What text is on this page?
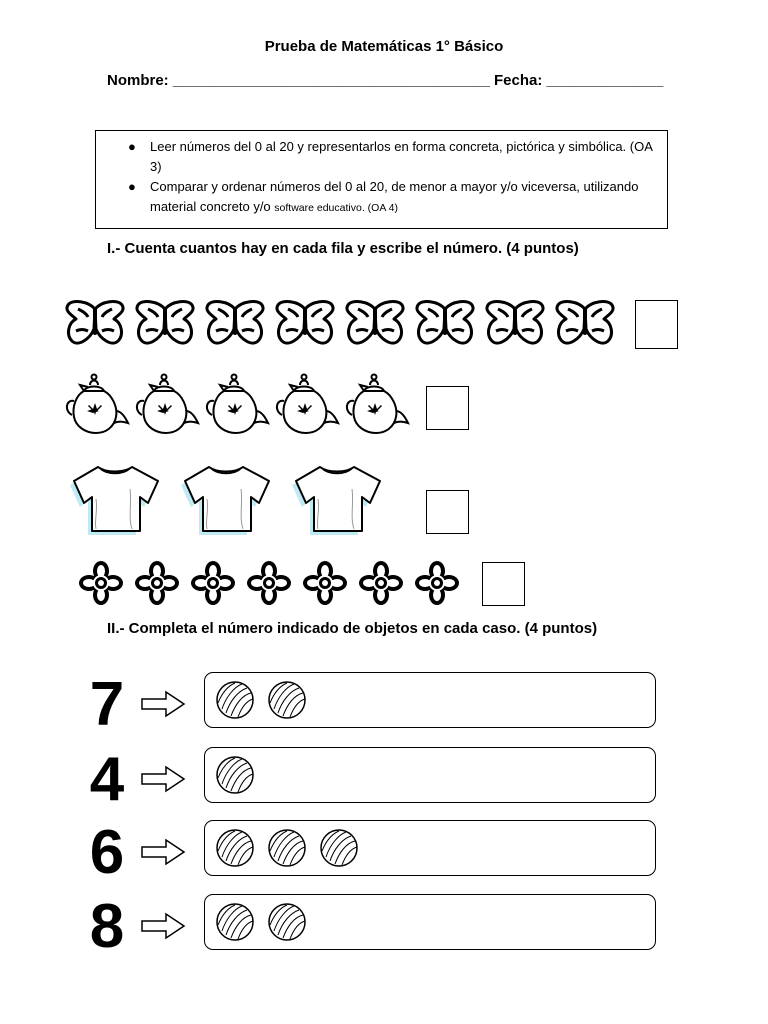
Prueba de Matemáticas 1° Básico
Nombre: ______________________________________ Fecha: ______________
● Leer números del 0 al 20 y representarlos en forma concreta, pictórica y simbólica. (OA 3)
● Comparar y ordenar números del 0 al 20, de menor a mayor y/o viceversa, utilizando material concreto y/o software educativo. (OA 4)
I.- Cuenta cuantos hay en cada fila y escribe el número. (4 puntos)
II.- Completa el número indicado de objetos en cada caso. (4 puntos)
7
4
6
8
